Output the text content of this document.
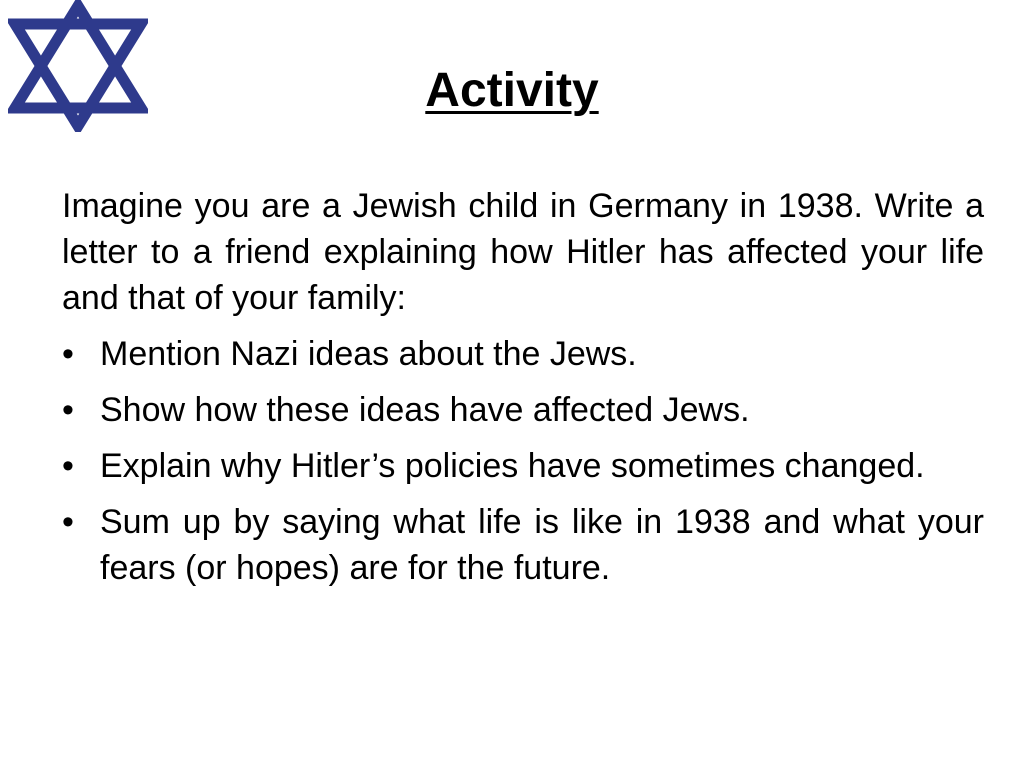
Activity

Imagine you are a Jewish child in Germany in 1938. Write a letter to a friend explaining how Hitler has affected your life and that of your family:

• Mention Nazi ideas about the Jews.
• Show how these ideas have affected Jews.
• Explain why Hitler’s policies have sometimes changed.
• Sum up by saying what life is like in 1938 and what your fears (or hopes) are for the future.
